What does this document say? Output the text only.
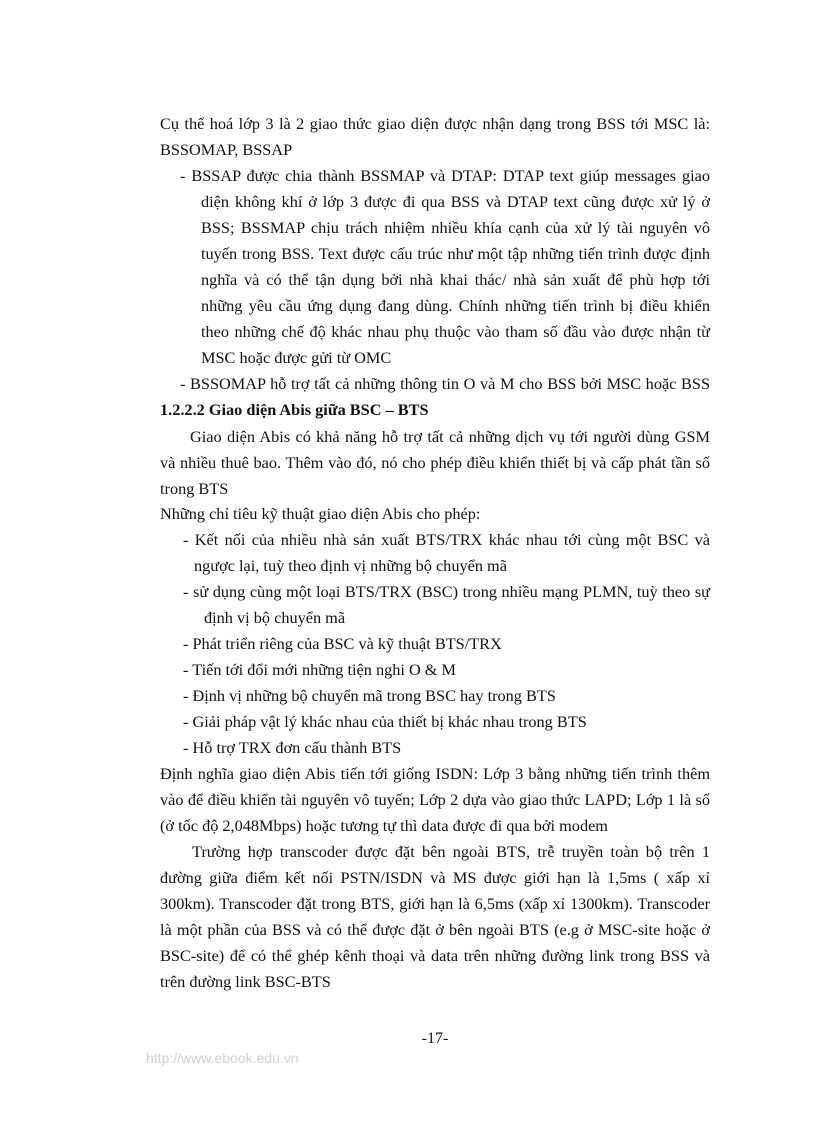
Cụ thể hoá lớp 3 là 2 giao thức giao diện được nhận dạng trong BSS tới MSC là:
BSSOMAP, BSSAP
- BSSAP được chia thành BSSMAP và DTAP: DTAP text giúp messages giao
diện không khí ở lớp 3 được đi qua BSS và DTAP text cũng được xử lý ở
BSS; BSSMAP chịu trách nhiệm nhiều khía cạnh của xử lý tài nguyên vô
tuyến trong BSS. Text được cấu trúc như một tập những tiến trình được định
nghĩa và có thể tận dụng bởi nhà khai thác/ nhà sản xuất để phù hợp tới
những yêu cầu ứng dụng đang dùng. Chính những tiến trình bị điều khiển
theo những chế độ khác nhau phụ thuộc vào tham số đầu vào được nhận từ
MSC hoặc được gửi từ OMC
- BSSOMAP hỗ trợ tất cả những thông tin O và M cho BSS bởi MSC hoặc BSS
1.2.2.2 Giao diện Abis giữa BSC – BTS
Giao diện Abis có khả năng hỗ trợ tất cả những dịch vụ tới người dùng GSM
và nhiều thuê bao. Thêm vào đó, nó cho phép điều khiển thiết bị và cấp phát tần số
trong BTS
Những chỉ tiêu kỹ thuật giao diện Abis cho phép:
- Kết nối của nhiều nhà sản xuất BTS/TRX khác nhau tới cùng một BSC và
ngược lại, tuỳ theo định vị những bộ chuyển mã
- sử dụng cùng một loại BTS/TRX (BSC) trong nhiều mạng PLMN, tuỳ theo sự
định vị bộ chuyển mã
- Phát triển riêng của BSC và kỹ thuật BTS/TRX
- Tiến tới đổi mới những tiện nghi O & M
- Định vị những bộ chuyển mã trong BSC hay trong BTS
- Giải pháp vật lý khác nhau của thiết bị khác nhau trong BTS
- Hỗ trợ TRX đơn cấu thành BTS
Định nghĩa giao diện Abis tiến tới giống ISDN: Lớp 3 bằng những tiến trình thêm
vào để điều khiển tài nguyên vô tuyến; Lớp 2 dựa vào giao thức LAPD; Lớp 1 là số
(ở tốc độ 2,048Mbps) hoặc tương tự thì data được đi qua bởi modem
Trường hợp transcoder được đặt bên ngoài BTS, trễ truyền toàn bộ trên 1
đường giữa điểm kết nối PSTN/ISDN và MS được giới hạn là 1,5ms ( xấp xỉ
300km). Transcoder đặt trong BTS, giới hạn là 6,5ms (xấp xỉ 1300km). Transcoder
là một phần của BSS và có thể được đặt ở bên ngoài BTS (e.g ở MSC-site hoặc ở
BSC-site) để có thể ghép kênh thoại và data trên những đường link trong BSS và
trên đường link BSC-BTS
-17-
http://www.ebook.edu.vn
